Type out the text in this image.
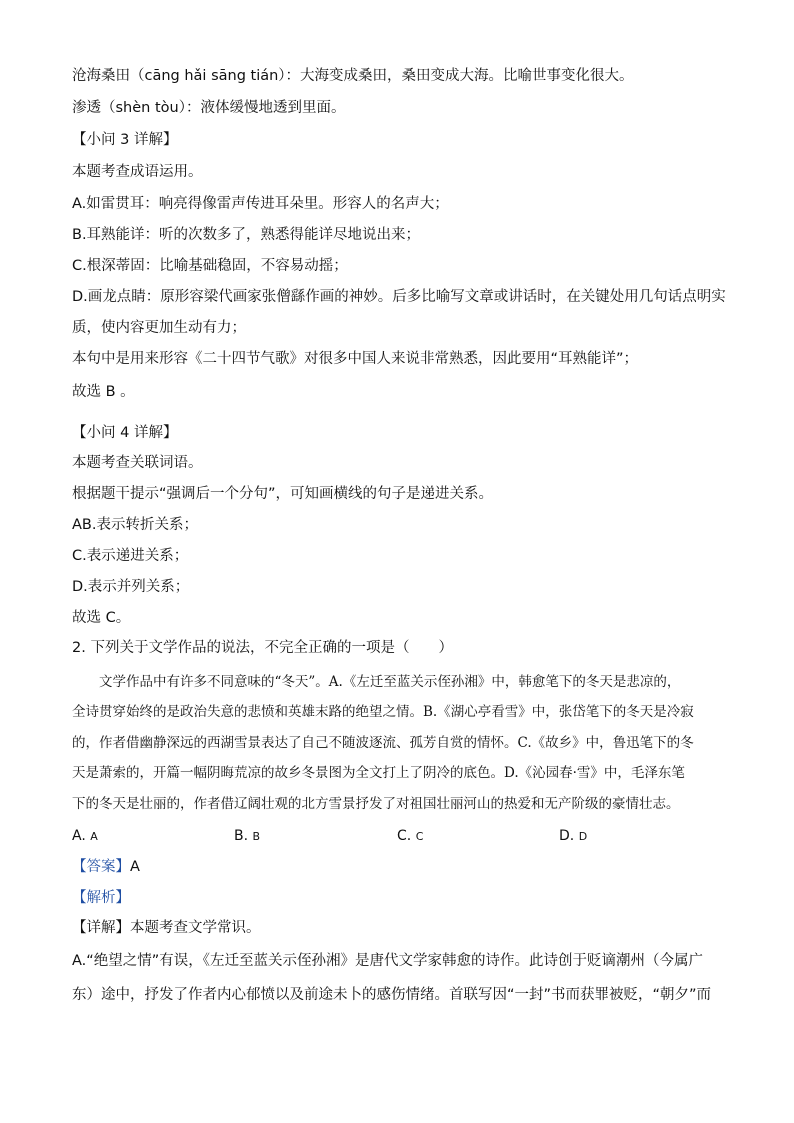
沧海桑田（cāng hǎi sāng tián）：大海变成桑田，桑田变成大海。比喻世事变化很大。
渗透（shèn tòu）：液体缓慢地透到里面。
【小问 3 详解】
本题考查成语运用。
A.如雷贯耳：响亮得像雷声传进耳朵里。形容人的名声大；
B.耳熟能详：听的次数多了，熟悉得能详尽地说出来；
C.根深蒂固：比喻基础稳固，不容易动摇；
D.画龙点睛：原形容梁代画家张僧繇作画的神妙。后多比喻写文章或讲话时，在关键处用几句话点明实
质，使内容更加生动有力；
本句中是用来形容《二十四节气歌》对很多中国人来说非常熟悉，因此要用“耳熟能详”；
故选 B 。
【小问 4 详解】
本题考查关联词语。
根据题干提示“强调后一个分句”，可知画横线的句子是递进关系。
AB.表示转折关系；
C.表示递进关系；
D.表示并列关系；
故选 C。
2. 下列关于文学作品的说法，不完全正确的一项是（　　）
　　文学作品中有许多不同意味的“冬天”。A.《左迁至蓝关示侄孙湘》中，韩愈笔下的冬天是悲凉的，
全诗贯穿始终的是政治失意的悲愤和英雄末路的绝望之情。B.《湖心亭看雪》中，张岱笔下的冬天是冷寂
的，作者借幽静深远的西湖雪景表达了自己不随波逐流、孤芳自赏的情怀。C.《故乡》中，鲁迅笔下的冬
天是萧索的，开篇一幅阴晦荒凉的故乡冬景图为全文打上了阴冷的底色。D.《沁园春·雪》中，毛泽东笔
下的冬天是壮丽的，作者借辽阔壮观的北方雪景抒发了对祖国壮丽河山的热爱和无产阶级的豪情壮志。
A. A	B. B	C. C	D. D
【答案】A
【解析】
【详解】本题考查文学常识。
A.“绝望之情”有误，《左迁至蓝关示侄孙湘》是唐代文学家韩愈的诗作。此诗创于贬谪潮州（今属广
东）途中，抒发了作者内心郁愤以及前途未卜的感伤情绪。首联写因“一封”书而获罪被贬，“朝夕”而
